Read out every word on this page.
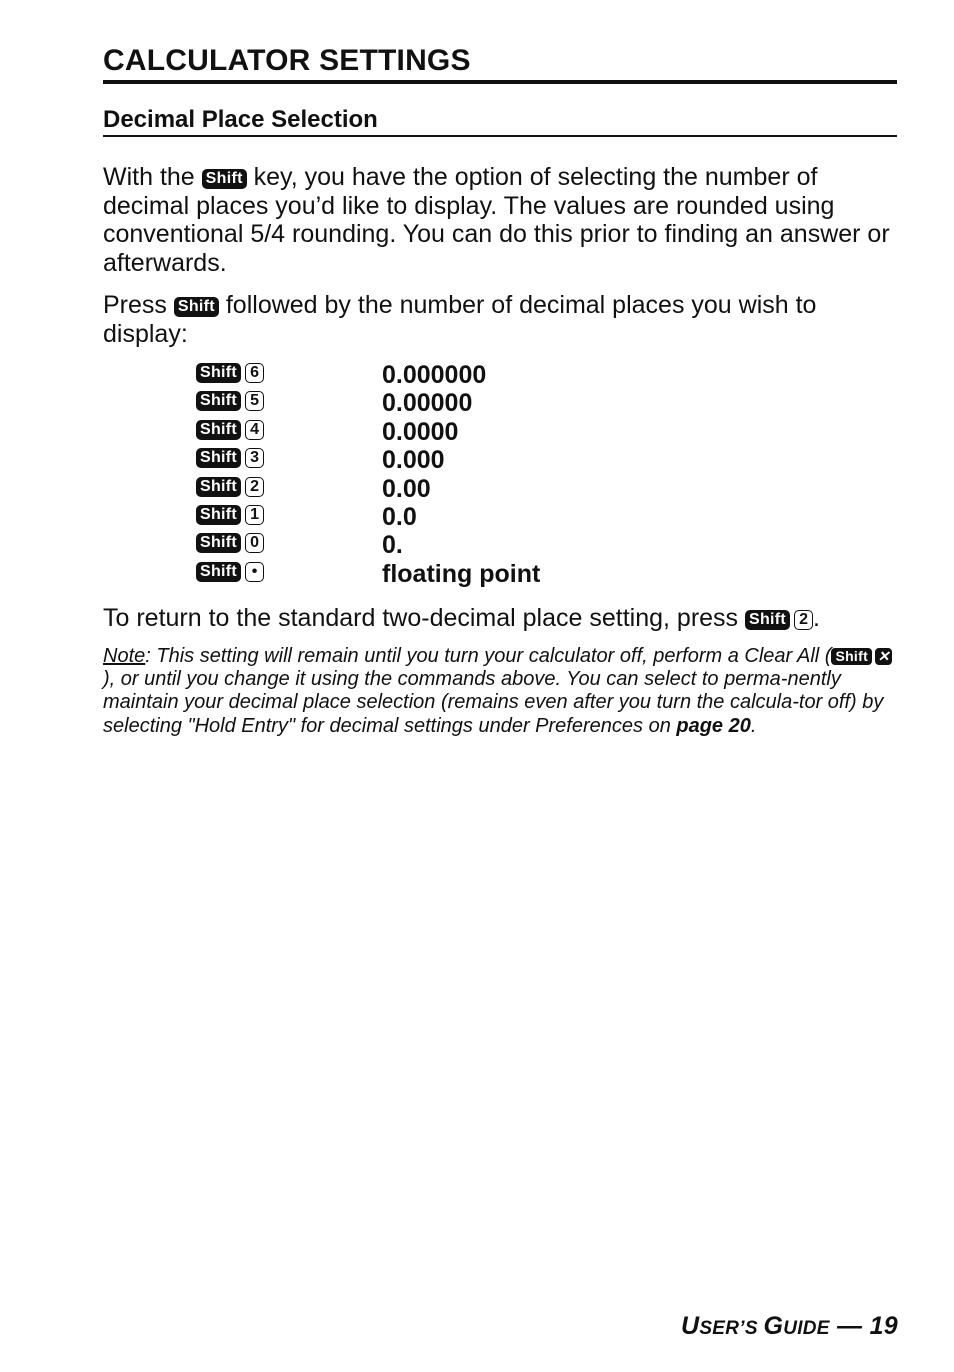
CALCULATOR SETTINGS
Decimal Place Selection
With the Shift key, you have the option of selecting the number of decimal places you’d like to display. The values are rounded using conventional 5/4 rounding. You can do this prior to finding an answer or afterwards.
Press Shift followed by the number of decimal places you wish to display:
Shift 6	0.000000
Shift 5	0.00000
Shift 4	0.0000
Shift 3	0.000
Shift 2	0.00
Shift 1	0.0
Shift 0	0.
Shift •	floating point
To return to the standard two-decimal place setting, press Shift 2 .
Note: This setting will remain until you turn your calculator off, perform a Clear All ( Shift ✕), or until you change it using the commands above. You can select to perma-nently maintain your decimal place selection (remains even after you turn the calcula-tor off) by selecting "Hold Entry" for decimal settings under Preferences on page 20.
USER’S GUIDE — 19
